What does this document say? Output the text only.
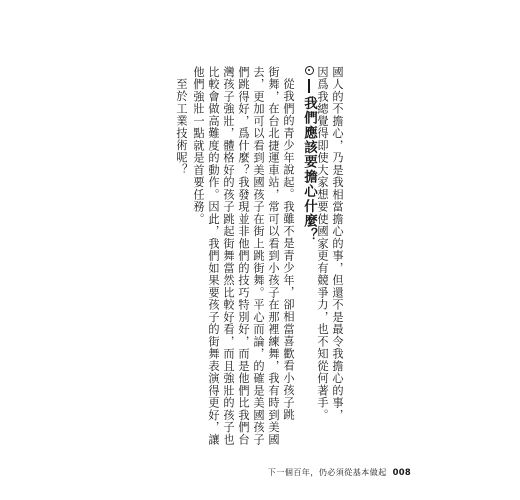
國人的不擔心，乃是我相當擔心的事，但還不是最令我擔心的事，
因爲我總覺得即使大家想要使國家更有競爭力，也不知從何著手。
我們應該要擔心什麼？
從我們的青少年說起。我雖不是青少年，卻相當喜歡看小孩子跳
街舞，在台北捷運車站，常可以看到小孩子在那裡練舞，我有時到美國
去，更加可以看到美國孩子在街上跳街舞。平心而論，的確是美國孩子
們跳得好，爲什麼？我發現並非他們的技巧特別好，而是他們比我們台
灣孩子強壯，體格好的孩子跳起街舞當然比較好看，而且強壯的孩子也
比較會做高難度的動作。因此，我們如果要孩子的街舞表演得更好，讓
他們強壯一點就是首要任務。
至於工業技術呢？
下一個百年，仍必須從基本做起 008
